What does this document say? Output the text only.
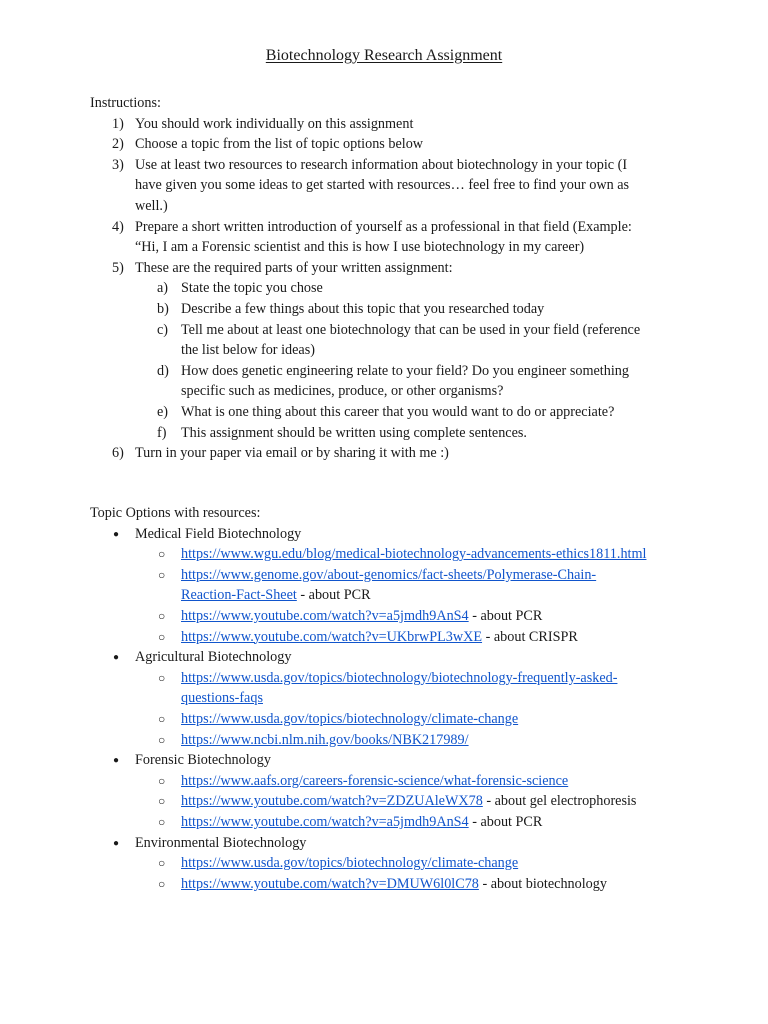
Biotechnology Research Assignment
Instructions:
1) You should work individually on this assignment
2) Choose a topic from the list of topic options below
3) Use at least two resources to research information about biotechnology in your topic (I
have given you some ideas to get started with resources… feel free to find your own as
well.)
4) Prepare a short written introduction of yourself as a professional in that field (Example:
“Hi, I am a Forensic scientist and this is how I use biotechnology in my career)
5) These are the required parts of your written assignment:
a) State the topic you chose
b) Describe a few things about this topic that you researched today
c) Tell me about at least one biotechnology that can be used in your field (reference
the list below for ideas)
d) How does genetic engineering relate to your field? Do you engineer something
specific such as medicines, produce, or other organisms?
e) What is one thing about this career that you would want to do or appreciate?
f) This assignment should be written using complete sentences.
6) Turn in your paper via email or by sharing it with me :)
Topic Options with resources:
● Medical Field Biotechnology
○ https://www.wgu.edu/blog/medical-biotechnology-advancements-ethics1811.html
○ https://www.genome.gov/about-genomics/fact-sheets/Polymerase-Chain-
Reaction-Fact-Sheet - about PCR
○ https://www.youtube.com/watch?v=a5jmdh9AnS4 - about PCR
○ https://www.youtube.com/watch?v=UKbrwPL3wXE - about CRISPR
● Agricultural Biotechnology
○ https://www.usda.gov/topics/biotechnology/biotechnology-frequently-asked-
questions-faqs
○ https://www.usda.gov/topics/biotechnology/climate-change
○ https://www.ncbi.nlm.nih.gov/books/NBK217989/
● Forensic Biotechnology
○ https://www.aafs.org/careers-forensic-science/what-forensic-science
○ https://www.youtube.com/watch?v=ZDZUAleWX78 - about gel electrophoresis
○ https://www.youtube.com/watch?v=a5jmdh9AnS4 - about PCR
● Environmental Biotechnology
○ https://www.usda.gov/topics/biotechnology/climate-change
○ https://www.youtube.com/watch?v=DMUW6l0lC78 - about biotechnology
